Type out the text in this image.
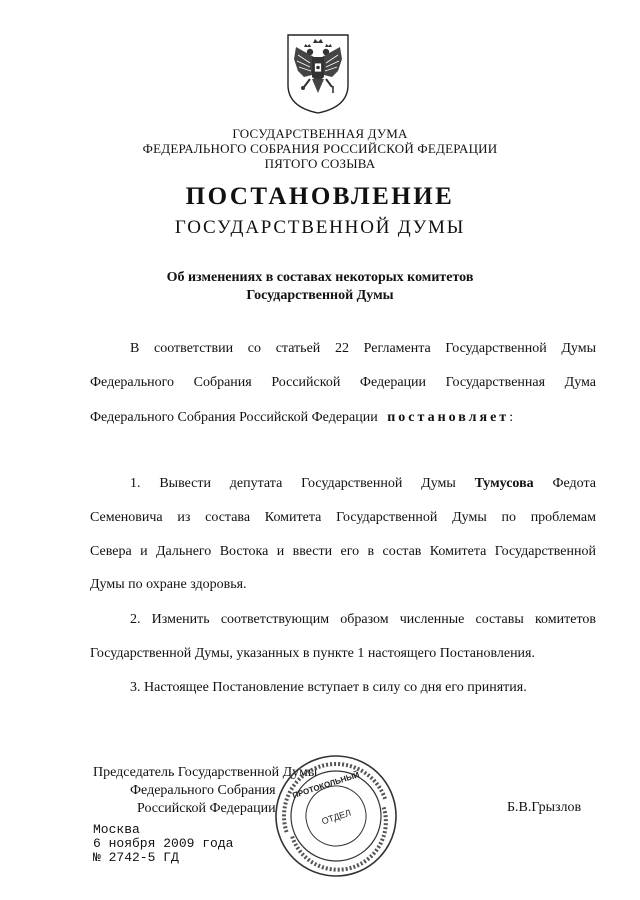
ГОСУДАРСТВЕННАЯ ДУМА
ФЕДЕРАЛЬНОГО СОБРАНИЯ РОССИЙСКОЙ ФЕДЕРАЦИИ
ПЯТОГО СОЗЫВА
ПОСТАНОВЛЕНИЕ
ГОСУДАРСТВЕННОЙ ДУМЫ
Об изменениях в составах некоторых комитетов
Государственной Думы
В соответствии со статьей 22 Регламента Государственной Думы
Федерального Собрания Российской Федерации Государственная Дума
Федерального Собрания Российской Федерации постановляет:
1. Вывести депутата Государственной Думы Тумусова Федота
Семеновича из состава Комитета Государственной Думы по проблемам
Севера и Дальнего Востока и ввести его в состав Комитета Государственной
Думы по охране здоровья.
2. Изменить соответствующим образом численные составы комитетов
Государственной Думы, указанных в пункте 1 настоящего Постановления.
3. Настоящее Постановление вступает в силу со дня его принятия.
Председатель Государственной Думы
Федерального Собрания
Российской Федерации	Б.В.Грызлов
Москва
6 ноября 2009 года
№ 2742-5 ГД
ОТДЕЛ
ПРОТОКОЛЬНЫЙ
